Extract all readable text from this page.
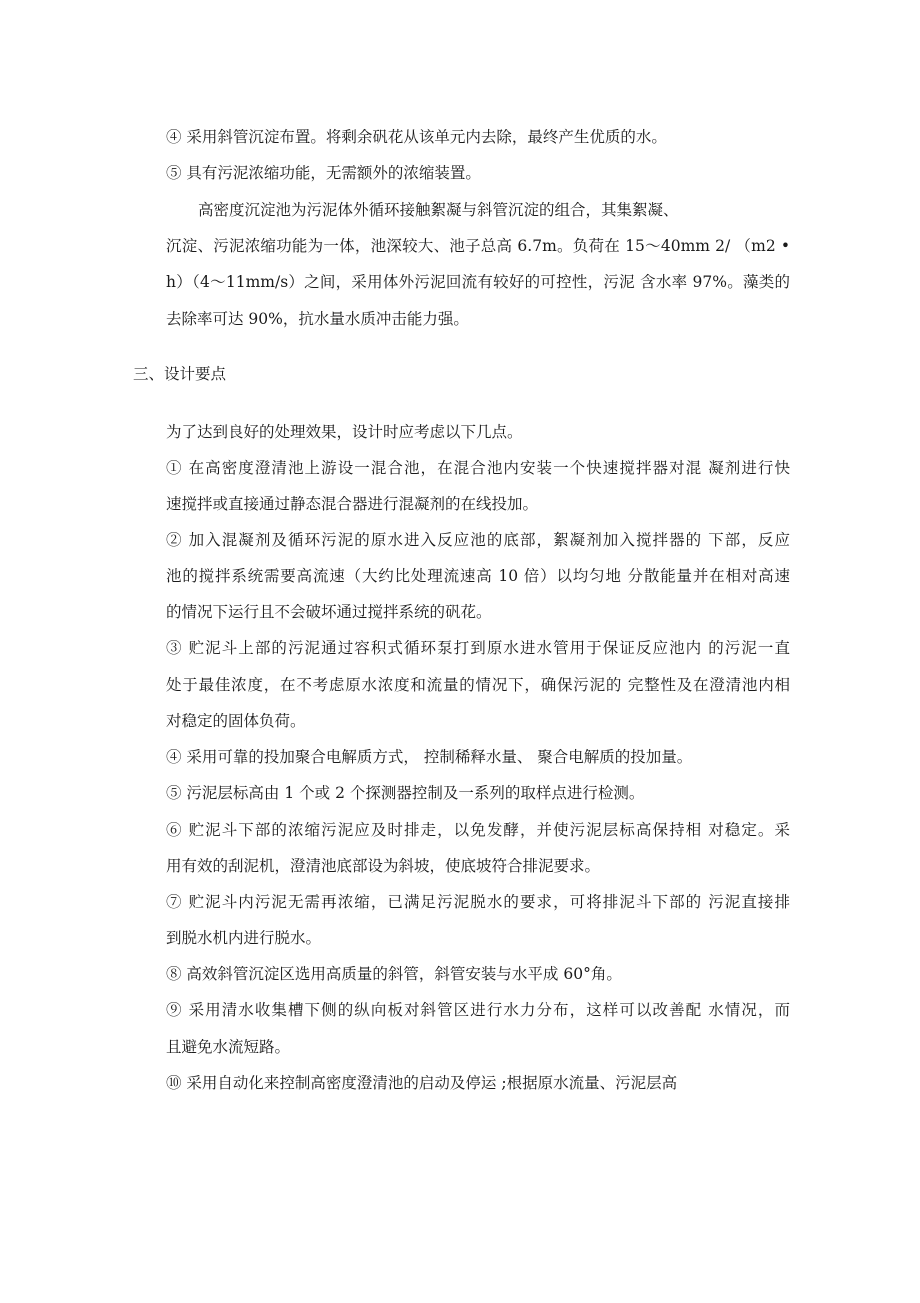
④ 采用斜管沉淀布置。将剩余矾花从该单元内去除，最终产生优质的水。
⑤ 具有污泥浓缩功能，无需额外的浓缩装置。
高密度沉淀池为污泥体外循环接触絮凝与斜管沉淀的组合，其集絮凝、
沉淀、污泥浓缩功能为一体，池深较大、池子总高 6.7m。负荷在 15～40mm 2/ （m2 •
h）（4～11mm/s）之间，采用体外污泥回流有较好的可控性，污泥 含水率 97%。藻类的
去除率可达 90%，抗水量水质冲击能力强。
三、设计要点
为了达到良好的处理效果，设计时应考虑以下几点。
① 在高密度澄清池上游设一混合池，在混合池内安装一个快速搅拌器对混 凝剂进行快
速搅拌或直接通过静态混合器进行混凝剂的在线投加。
② 加入混凝剂及循环污泥的原水进入反应池的底部，絮凝剂加入搅拌器的 下部，反应
池的搅拌系统需要高流速（大约比处理流速高 10 倍）以均匀地 分散能量并在相对高速
的情况下运行且不会破坏通过搅拌系统的矾花。
③ 贮泥斗上部的污泥通过容积式循环泵打到原水进水管用于保证反应池内 的污泥一直
处于最佳浓度，在不考虑原水浓度和流量的情况下，确保污泥的 完整性及在澄清池内相
对稳定的固体负荷。
④ 采用可靠的投加聚合电解质方式， 控制稀释水量、 聚合电解质的投加量。
⑤ 污泥层标高由 1 个或 2 个探测器控制及一系列的取样点进行检测。
⑥ 贮泥斗下部的浓缩污泥应及时排走，以免发酵，并使污泥层标高保持相 对稳定。采
用有效的刮泥机，澄清池底部设为斜坡，使底坡符合排泥要求。
⑦ 贮泥斗内污泥无需再浓缩，已满足污泥脱水的要求，可将排泥斗下部的 污泥直接排
到脱水机内进行脱水。
⑧ 高效斜管沉淀区选用高质量的斜管，斜管安装与水平成 60°角。
⑨ 采用清水收集槽下侧的纵向板对斜管区进行水力分布，这样可以改善配 水情况，而
且避免水流短路。
⑩ 采用自动化来控制高密度澄清池的启动及停运 ;根据原水流量、污泥层高
